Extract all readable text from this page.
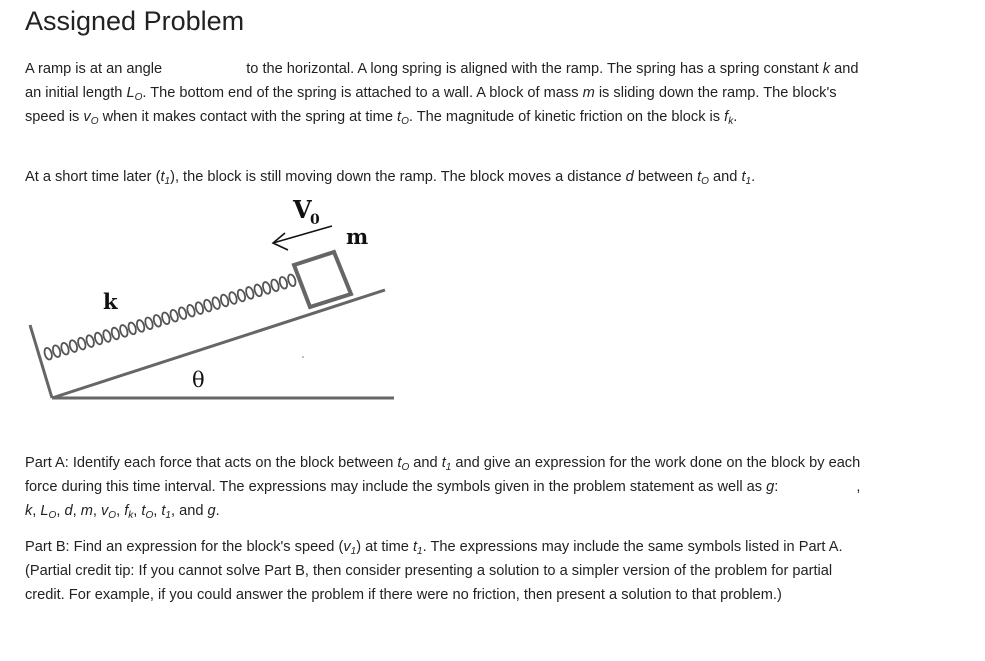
Assigned Problem

A ramp is at an angle	to the horizontal. A long spring is aligned with the ramp. The spring has a spring constant k and an initial length $L_O$. The bottom end of the spring is attached to a wall. A block of mass m is sliding down the ramp. The block's speed is $v_O$ when it makes contact with the spring at time $t_O$. The magnitude of kinetic friction on the block is $f_k$.

At a short time later $(t_1)$, the block is still moving down the ramp. The block moves a distance d between $t_O$ and $t_1$.

V
0
m
k
θ

Part A: Identify each force that acts on the block between $t_O$ and $t_1$ and give an expression for the work done on the block by each force during this time interval. The expressions may include the symbols given in the problem statement as well as g:	, k, $L_O$, d, m, $v_O$, $f_k$, $t_O$, $t_1$, and g.

Part B: Find an expression for the block's speed $(v_1)$ at time $t_1$. The expressions may include the same symbols listed in Part A. (Partial credit tip: If you cannot solve Part B, then consider presenting a solution to a simpler version of the problem for partial credit. For example, if you could answer the problem if there were no friction, then present a solution to that problem.)
